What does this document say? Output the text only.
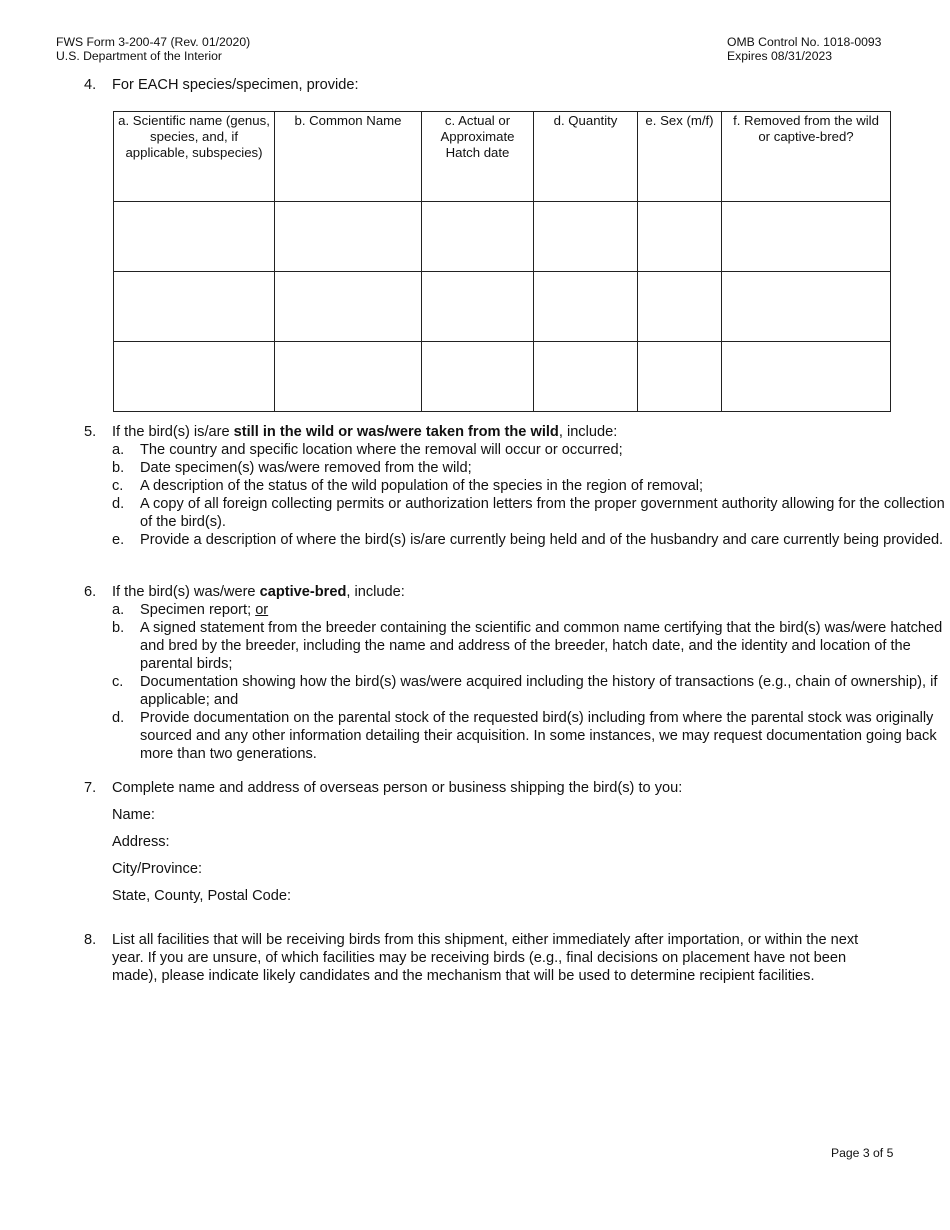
FWS Form 3-200-47 (Rev. 01/2020)
U.S. Department of the Interior
OMB Control No. 1018-0093
Expires 08/31/2023
4.	For EACH species/specimen, provide:
a. Scientific name (genus, species, and, if applicable, subspecies)	b. Common Name	c. Actual or Approximate Hatch date	d. Quantity	e. Sex (m/f)	f. Removed from the wild or captive-bred?

5.	If the bird(s) is/are still in the wild or was/were taken from the wild, include:
a. The country and specific location where the removal will occur or occurred;
b. Date specimen(s) was/were removed from the wild;
c. A description of the status of the wild population of the species in the region of removal;
d. A copy of all foreign collecting permits or authorization letters from the proper government authority allowing for the collection of the bird(s).
e. Provide a description of where the bird(s) is/are currently being held and of the husbandry and care currently being provided.
6.	If the bird(s) was/were captive-bred, include:
a. Specimen report; or
b. A signed statement from the breeder containing the scientific and common name certifying that the bird(s) was/were hatched and bred by the breeder, including the name and address of the breeder, hatch date, and the identity and location of the parental birds;
c. Documentation showing how the bird(s) was/were acquired including the history of transactions (e.g., chain of ownership), if applicable; and
d. Provide documentation on the parental stock of the requested bird(s) including from where the parental stock was originally sourced and any other information detailing their acquisition. In some instances, we may request documentation going back more than two generations.
7.	Complete name and address of overseas person or business shipping the bird(s) to you:
Name:
Address:
City/Province:
State, County, Postal Code:
8.	List all facilities that will be receiving birds from this shipment, either immediately after importation, or within the next year. If you are unsure, of which facilities may be receiving birds (e.g., final decisions on placement have not been made), please indicate likely candidates and the mechanism that will be used to determine recipient facilities.
Page 3 of 5
